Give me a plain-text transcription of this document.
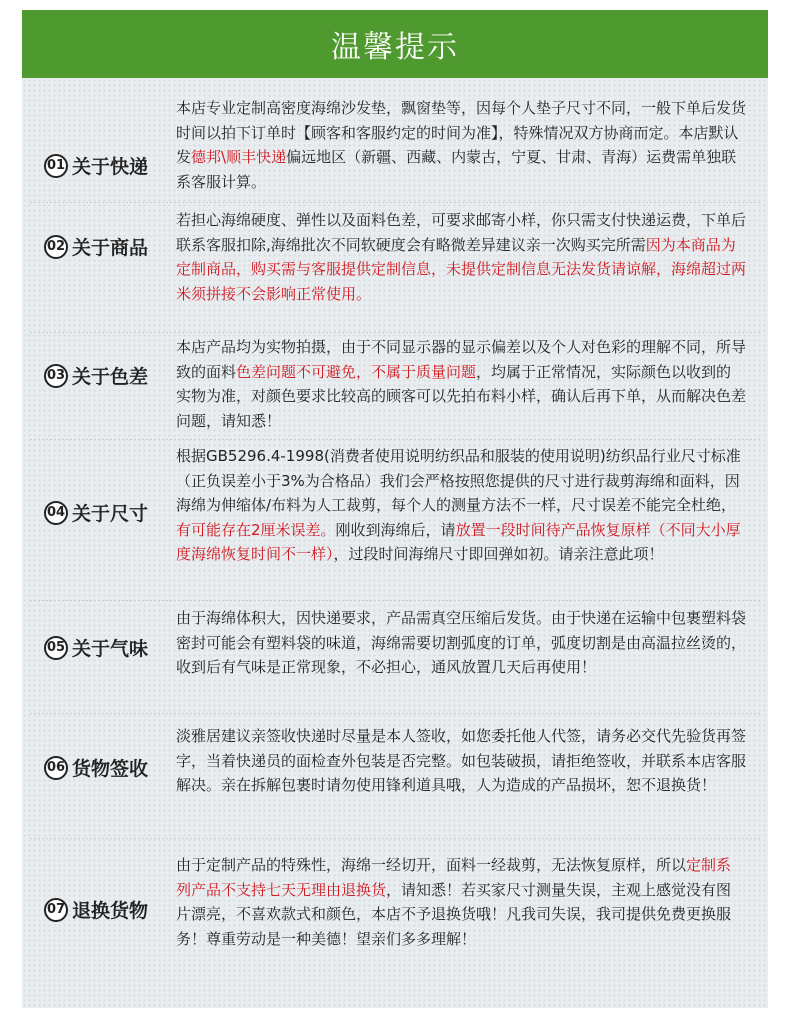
温馨提示
01 关于快递
本店专业定制高密度海绵沙发垫，飘窗垫等，因每个人垫子尺寸不同，一般下单后发货时间以拍下订单时【顾客和客服约定的时间为准】，特殊情况双方协商而定。本店默认发德邦\顺丰快递偏远地区（新疆、西藏、内蒙古，宁夏、甘肃、青海）运费需单独联系客服计算。
02 关于商品
若担心海绵硬度、弹性以及面料色差，可要求邮寄小样，你只需支付快递运费，下单后联系客服扣除,海绵批次不同软硬度会有略微差异建议亲一次购买完所需因为本商品为定制商品，购买需与客服提供定制信息，未提供定制信息无法发货请谅解，海绵超过两米须拼接不会影响正常使用。
03 关于色差
本店产品均为实物拍摄，由于不同显示器的显示偏差以及个人对色彩的理解不同，所导致的面料色差问题不可避免，不属于质量问题，均属于正常情况，实际颜色以收到的实物为准，对颜色要求比较高的顾客可以先拍布料小样，确认后再下单，从而解决色差问题，请知悉！
04 关于尺寸
根据GB5296.4-1998(消费者使用说明纺织品和服装的使用说明)纺织品行业尺寸标准（正负误差小于3%为合格品）我们会严格按照您提供的尺寸进行裁剪海绵和面料，因海绵为伸缩体/布料为人工裁剪，每个人的测量方法不一样，尺寸误差不能完全杜绝，有可能存在2厘米误差。刚收到海绵后，请放置一段时间待产品恢复原样（不同大小厚度海绵恢复时间不一样），过段时间海绵尺寸即回弹如初。请亲注意此项！
05 关于气味
由于海绵体积大，因快递要求，产品需真空压缩后发货。由于快递在运输中包裹塑料袋密封可能会有塑料袋的味道，海绵需要切割弧度的订单，弧度切割是由高温拉丝烫的，收到后有气味是正常现象，不必担心，通风放置几天后再使用！
06 货物签收
淡雅居建议亲签收快递时尽量是本人签收，如您委托他人代签，请务必交代先验货再签字，当着快递员的面检查外包装是否完整。如包装破损，请拒绝签收，并联系本店客服解决。亲在拆解包裹时请勿使用锋利道具哦，人为造成的产品损坏，恕不退换货！
07 退换货物
由于定制产品的特殊性，海绵一经切开，面料一经裁剪，无法恢复原样，所以定制系列产品不支持七天无理由退换货，请知悉！若买家尺寸测量失误，主观上感觉没有图片漂亮，不喜欢款式和颜色，本店不予退换货哦！凡我司失误，我司提供免费更换服务！尊重劳动是一种美德！望亲们多多理解！
